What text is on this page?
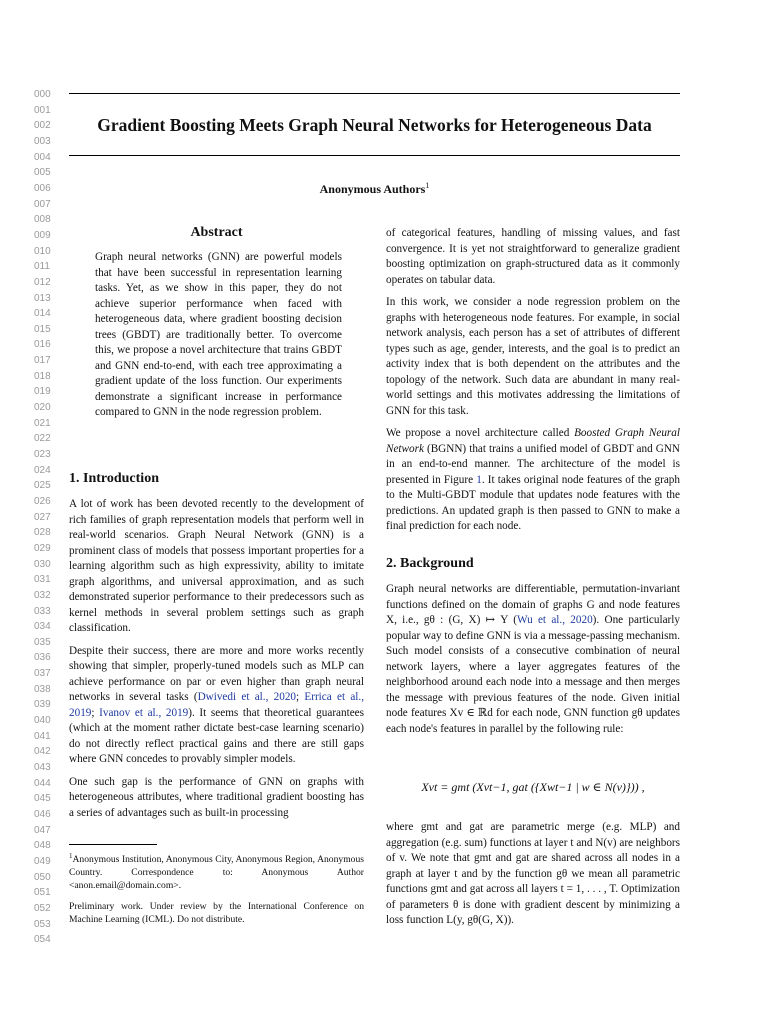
000
001
002
003
004
005
006
007
008
009
010
011
012
013
014
015
016
017
018
019
020
021
022
023
024
025
026
027
028
029
030
031
032
033
034
035
036
037
038
039
040
041
042
043
044
045
046
047
048
049
050
051
052
053
054
Gradient Boosting Meets Graph Neural Networks for Heterogeneous Data
Anonymous Authors$^1$
Abstract
Graph neural networks (GNN) are powerful models that have been successful in representation learning tasks. Yet, as we show in this paper, they do not achieve superior performance when faced with heterogeneous data, where gradient boosting decision trees (GBDT) are traditionally better. To overcome this, we propose a novel architecture that trains GBDT and GNN end-to-end, with each tree approximating a gradient update of the loss function. Our experiments demonstrate a significant increase in performance compared to GNN in the node regression problem.
1. Introduction

A lot of work has been devoted recently to the development of rich families of graph representation models that perform well in real-world scenarios. Graph Neural Network (GNN) is a prominent class of models that possess important properties for a learning algorithm such as high expressivity, ability to imitate graph algorithms, and universal approximation, and as such demonstrated superior performance to their predecessors such as kernel methods in several problem settings such as graph classification.

Despite their success, there are more and more works recently showing that simpler, properly-tuned models such as MLP can achieve performance on par or even higher than graph neural networks in several tasks (Dwivedi et al., 2020; Errica et al., 2019; Ivanov et al., 2019). It seems that theoretical guarantees (which at the moment rather dictate best-case learning scenario) do not directly reflect practical gains and there are still gaps where GNN concedes to provably simpler models.

One such gap is the performance of GNN on graphs with heterogeneous attributes, where traditional gradient boosting has a series of advantages such as built-in processing

$^1$Anonymous Institution, Anonymous City, Anonymous Region, Anonymous Country. Correspondence to: Anonymous Author <anon.email@domain.com>.

Preliminary work. Under review by the International Conference on Machine Learning (ICML). Do not distribute.

of categorical features, handling of missing values, and fast convergence. It is yet not straightforward to generalize gradient boosting optimization on graph-structured data as it commonly operates on tabular data.

In this work, we consider a node regression problem on the graphs with heterogeneous node features. For example, in social network analysis, each person has a set of attributes of different types such as age, gender, interests, and the goal is to predict an activity index that is both dependent on the attributes and the topology of the network. Such data are abundant in many real-world settings and this motivates addressing the limitations of GNN for this task.

We propose a novel architecture called Boosted Graph Neural Network (BGNN) that trains a unified model of GBDT and GNN in an end-to-end manner. The architecture of the model is presented in Figure 1. It takes original node features of the graph to the Multi-GBDT module that updates node features with the predictions. An updated graph is then passed to GNN to make a final prediction for each node.

2. Background

Graph neural networks are differentiable, permutation-invariant functions defined on the domain of graphs G and node features X, i.e., gθ : (G, X) ↦ Y (Wu et al., 2020). One particularly popular way to define GNN is via a message-passing mechanism. Such model consists of a consecutive combination of neural network layers, where a layer aggregates features of the neighborhood around each node into a message and then merges the message with previous features of the node. Given initial node features Xv ∈ ℝd for each node, GNN function gθ updates each node's features in parallel by the following rule:

Xvt = gmt (Xvt−1, gat ({Xwt−1 | w ∈ N(v)})) ,

where gmt and gat are parametric merge (e.g. MLP) and aggregation (e.g. sum) functions at layer t and N(v) are neighbors of v. We note that gmt and gat are shared across all nodes in a graph at layer t and by the function gθ we mean all parametric functions gmt and gat across all layers t = 1, . . . , T. Optimization of parameters θ is done with gradient descent by minimizing a loss function L(y, gθ(G, X)).
